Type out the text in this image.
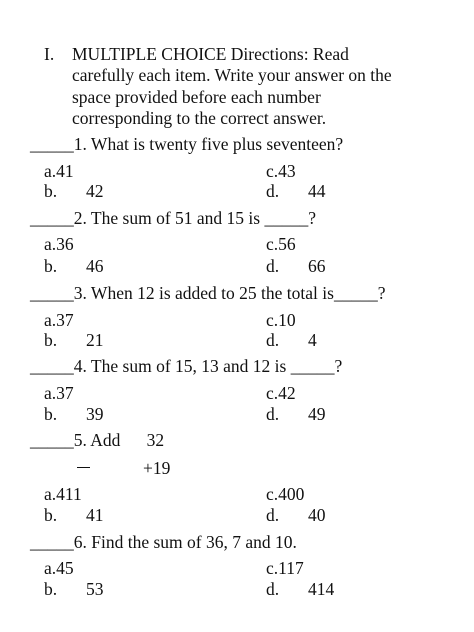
I. MULTIPLE CHOICE Directions: Read
carefully each item. Write your answer on the
space provided before each number
corresponding to the correct answer.
_____1. What is twenty five plus seventeen?
a.41	c.43
b. 42	d. 44
_____2. The sum of 51 and 15 is _____?
a.36	c.56
b. 46	d. 66
_____3. When 12 is added to 25 the total is_____?
a.37	c.10
b. 21	d. 4
_____4. The sum of 15, 13 and 12 is _____?
a.37	c.42
b. 39	d. 49
_____5. Add      32
+19
a.411	c.400
b. 41	d. 40
_____6. Find the sum of 36, 7 and 10.
a.45	c.117
b. 53	d. 414
